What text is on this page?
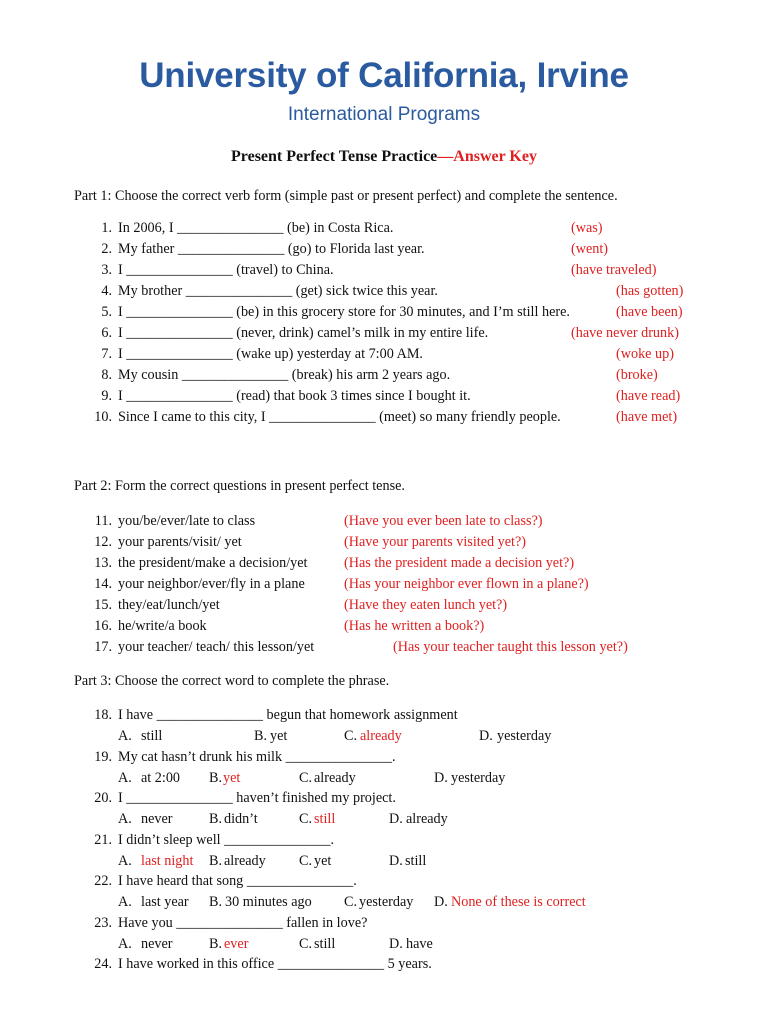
University of California, Irvine
International Programs
Present Perfect Tense Practice—Answer Key
Part 1: Choose the correct verb form (simple past or present perfect) and complete the sentence.
1. In 2006, I _______________ (be) in Costa Rica.	(was)
2. My father _______________ (go) to Florida last year.	(went)
3. I _______________ (travel) to China.	(have traveled)
4. My brother _______________ (get) sick twice this year.	(has gotten)
5. I _______________ (be) in this grocery store for 30 minutes, and I’m still here.	(have been)
6. I _______________ (never, drink) camel’s milk in my entire life.	(have never drunk)
7. I _______________ (wake up) yesterday at 7:00 AM.	(woke up)
8. My cousin _______________ (break) his arm 2 years ago.	(broke)
9. I _______________ (read) that book 3 times since I bought it.	(have read)
10. Since I came to this city, I _______________ (meet) so many friendly people.	(have met)
Part 2: Form the correct questions in present perfect tense.
11. you/be/ever/late to class	(Have you ever been late to class?)
12. your parents/visit/ yet	(Have your parents visited yet?)
13. the president/make a decision/yet	(Has the president made a decision yet?)
14. your neighbor/ever/fly in a plane	(Has your neighbor ever flown in a plane?)
15. they/eat/lunch/yet	(Have they eaten lunch yet?)
16. he/write/a book	(Has he written a book?)
17. your teacher/ teach/ this lesson/yet	(Has your teacher taught this lesson yet?)
Part 3: Choose the correct word to complete the phrase.
18. I have _______________ begun that homework assignment
A. still	B. yet	C. already	D. yesterday
19. My cat hasn’t drunk his milk _______________.
A. at 2:00 B. yet	C. already	D. yesterday
20. I _______________ haven’t finished my project.
A. never	B. didn’t	C. still	D. already
21. I didn’t sleep well _______________.
A. last night B. already C. yet	D. still
22. I have heard that song _______________.
A. last year B. 30 minutes ago C. yesterday D. None of these is correct
23. Have you _______________ fallen in love?
A. never	B. ever	C. still	D. have
24. I have worked in this office _______________ 5 years.
